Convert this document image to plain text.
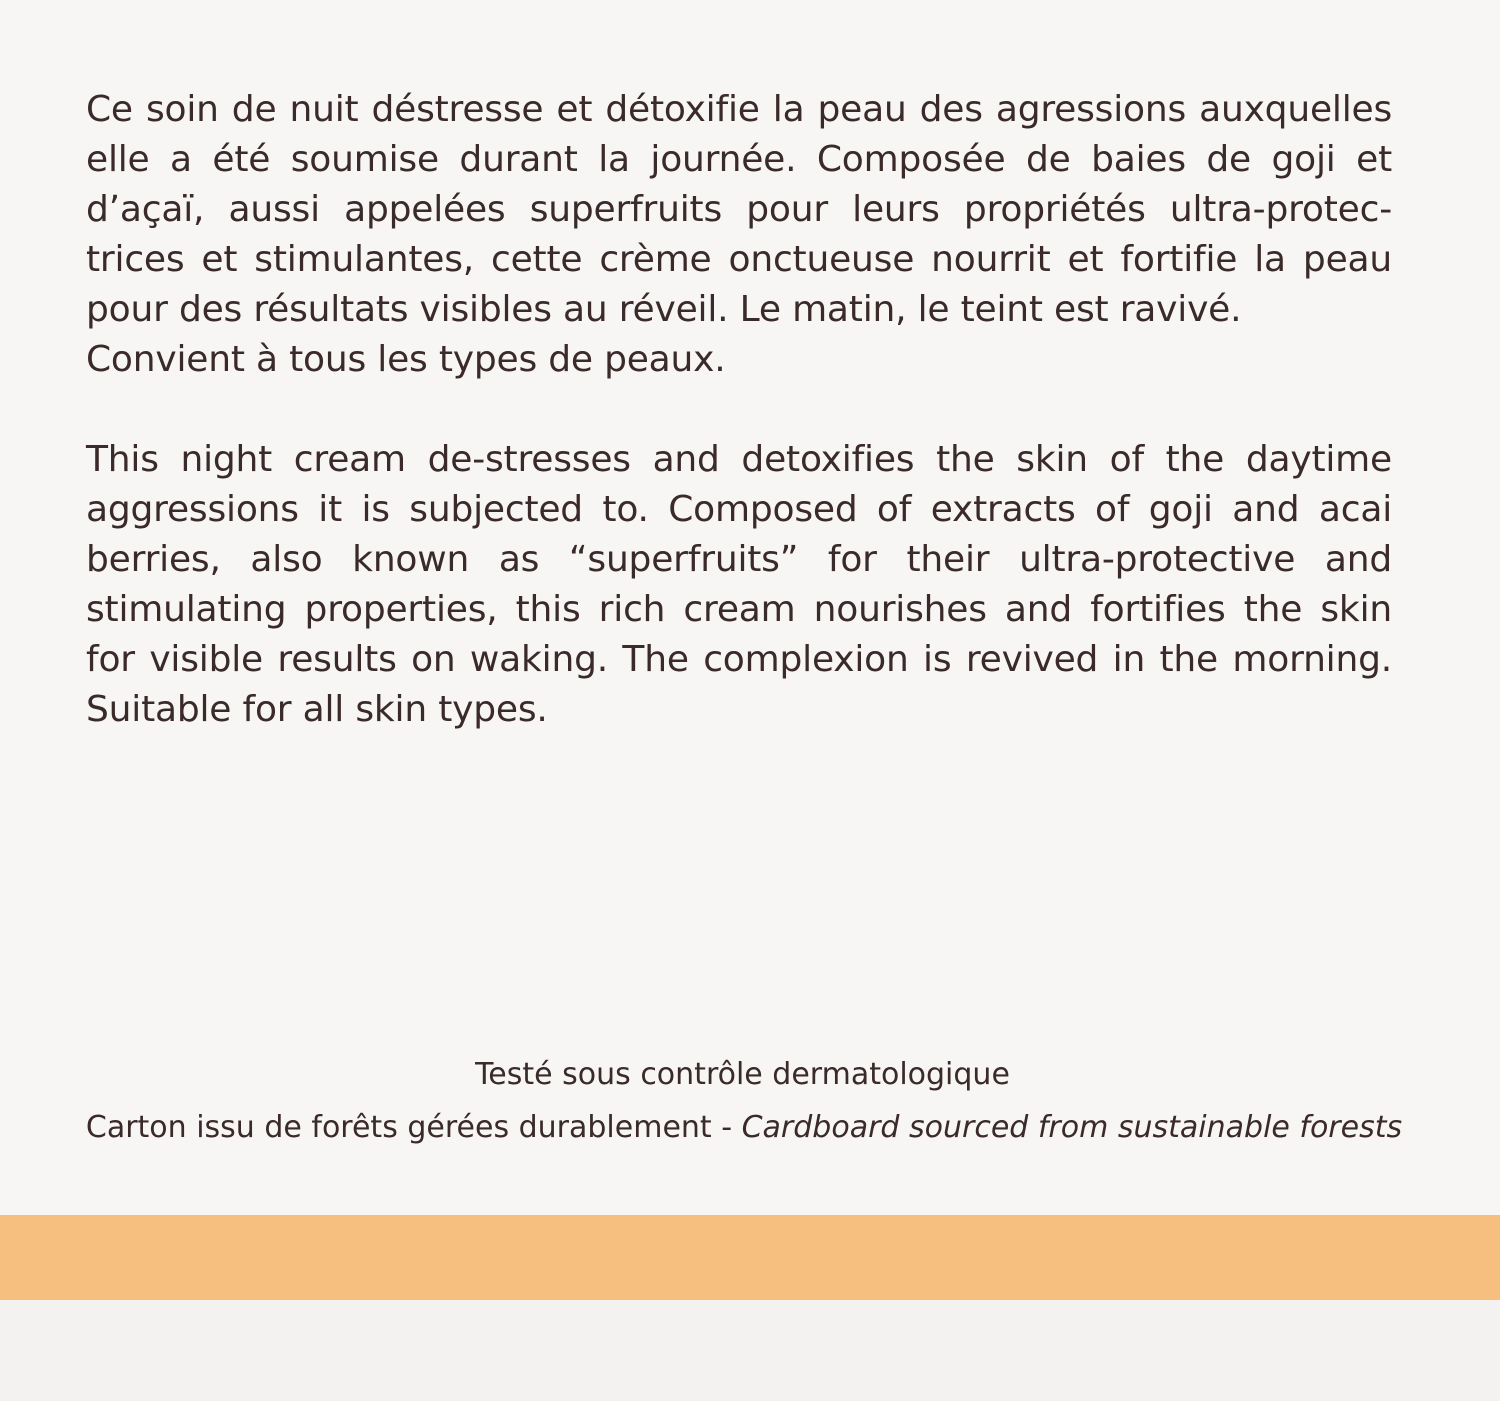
Ce soin de nuit déstresse et détoxifie la peau des agressions auxquelles
elle a été soumise durant la journée. Composée de baies de goji et
d’açaï, aussi appelées superfruits pour leurs propriétés ultra-protec-
trices et stimulantes, cette crème onctueuse nourrit et fortifie la peau
pour des résultats visibles au réveil. Le matin, le teint est ravivé.
Convient à tous les types de peaux.
This night cream de-stresses and detoxifies the skin of the daytime
aggressions it is subjected to. Composed of extracts of goji and acai
berries, also known as “superfruits” for their ultra-protective and
stimulating properties, this rich cream nourishes and fortifies the skin
for visible results on waking. The complexion is revived in the morning.
Suitable for all skin types.
Testé sous contrôle dermatologique
Carton issu de forêts gérées durablement - Cardboard sourced from sustainable forests
